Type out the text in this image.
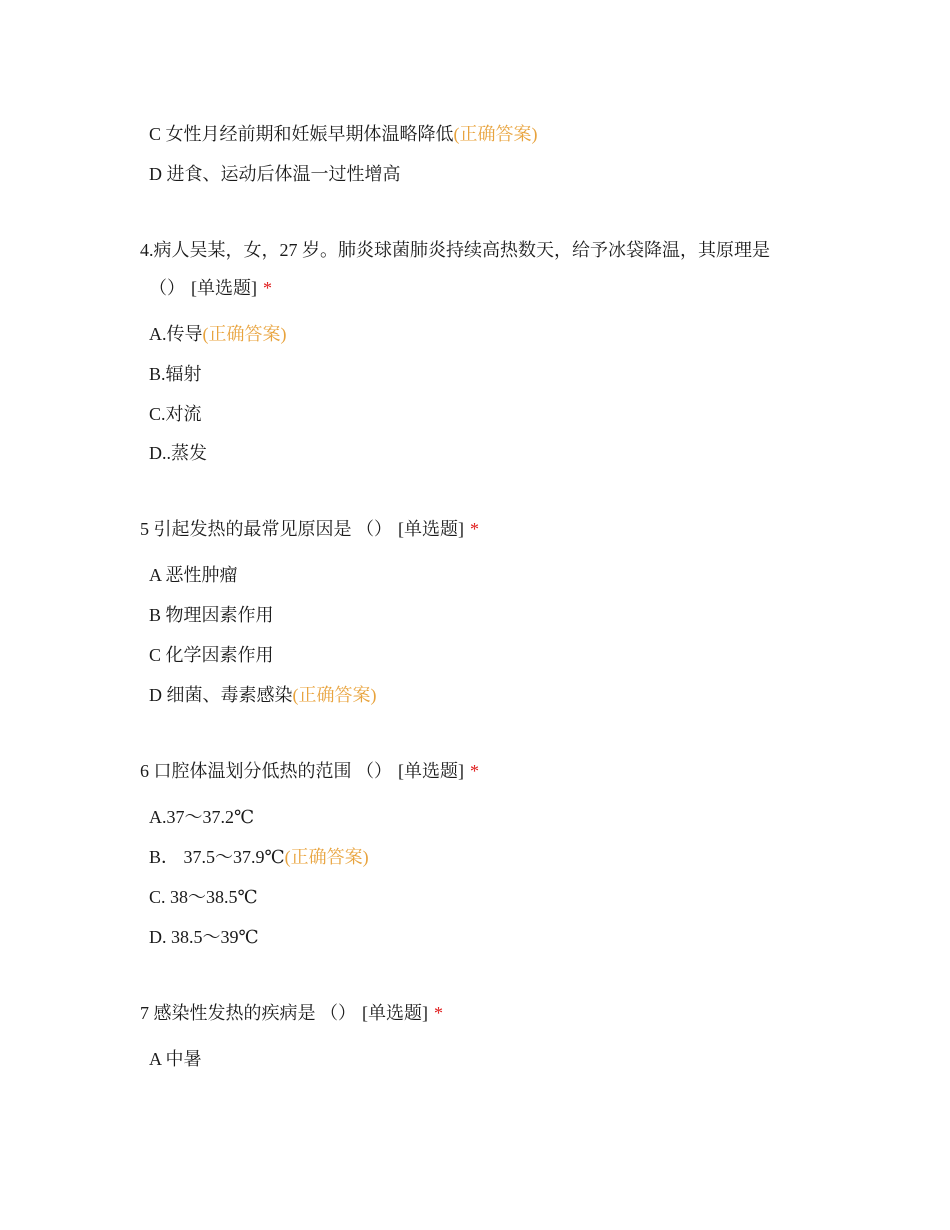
C 女性月经前期和妊娠早期体温略降低(正确答案)
D 进食、运动后体温一过性增高
4.病人吴某，女，27 岁。肺炎球菌肺炎持续高热数天，给予冰袋降温，其原理是
（） [单选题] *
A.传导(正确答案)
B.辐射
C.对流
D..蒸发
5 引起发热的最常见原因是 （） [单选题] *
A 恶性肿瘤
B 物理因素作用
C 化学因素作用
D 细菌、毒素感染(正确答案)
6 口腔体温划分低热的范围 （） [单选题] *
A.37～37.2℃
B． 37.5～37.9℃(正确答案)
C. 38～38.5℃
D. 38.5～39℃
7 感染性发热的疾病是 （） [单选题] *
A 中暑
